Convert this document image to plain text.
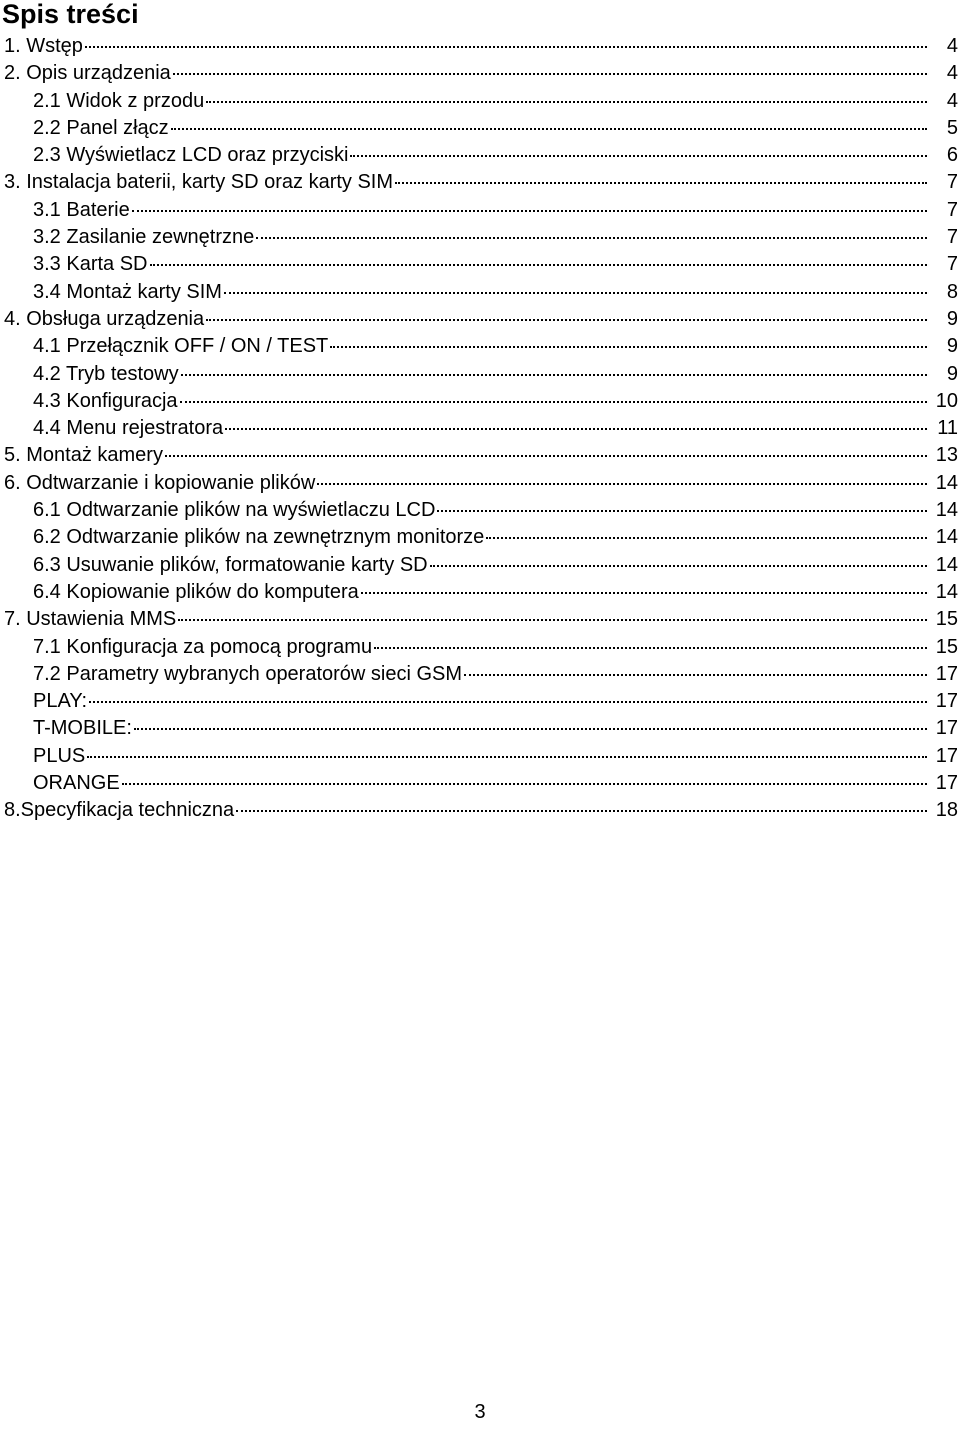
Spis treści
1. Wstęp	4
2. Opis urządzenia	4
2.1 Widok z przodu	4
2.2 Panel złącz	5
2.3 Wyświetlacz LCD oraz przyciski	6
3. Instalacja baterii, karty SD oraz karty SIM	7
3.1 Baterie	7
3.2 Zasilanie zewnętrzne	7
3.3 Karta SD	7
3.4 Montaż karty SIM	8
4. Obsługa urządzenia	9
4.1 Przełącznik OFF / ON / TEST	9
4.2 Tryb testowy	9
4.3 Konfiguracja	10
4.4 Menu rejestratora	11
5. Montaż kamery	13
6. Odtwarzanie i kopiowanie plików	14
6.1 Odtwarzanie plików na wyświetlaczu LCD	14
6.2 Odtwarzanie plików na zewnętrznym monitorze	14
6.3 Usuwanie plików, formatowanie karty SD	14
6.4 Kopiowanie plików do komputera	14
7. Ustawienia MMS	15
7.1 Konfiguracja za pomocą programu	15
7.2 Parametry wybranych operatorów sieci GSM	17
PLAY:	17
T-MOBILE:	17
PLUS	17
ORANGE	17
8.Specyfikacja techniczna	18
3
